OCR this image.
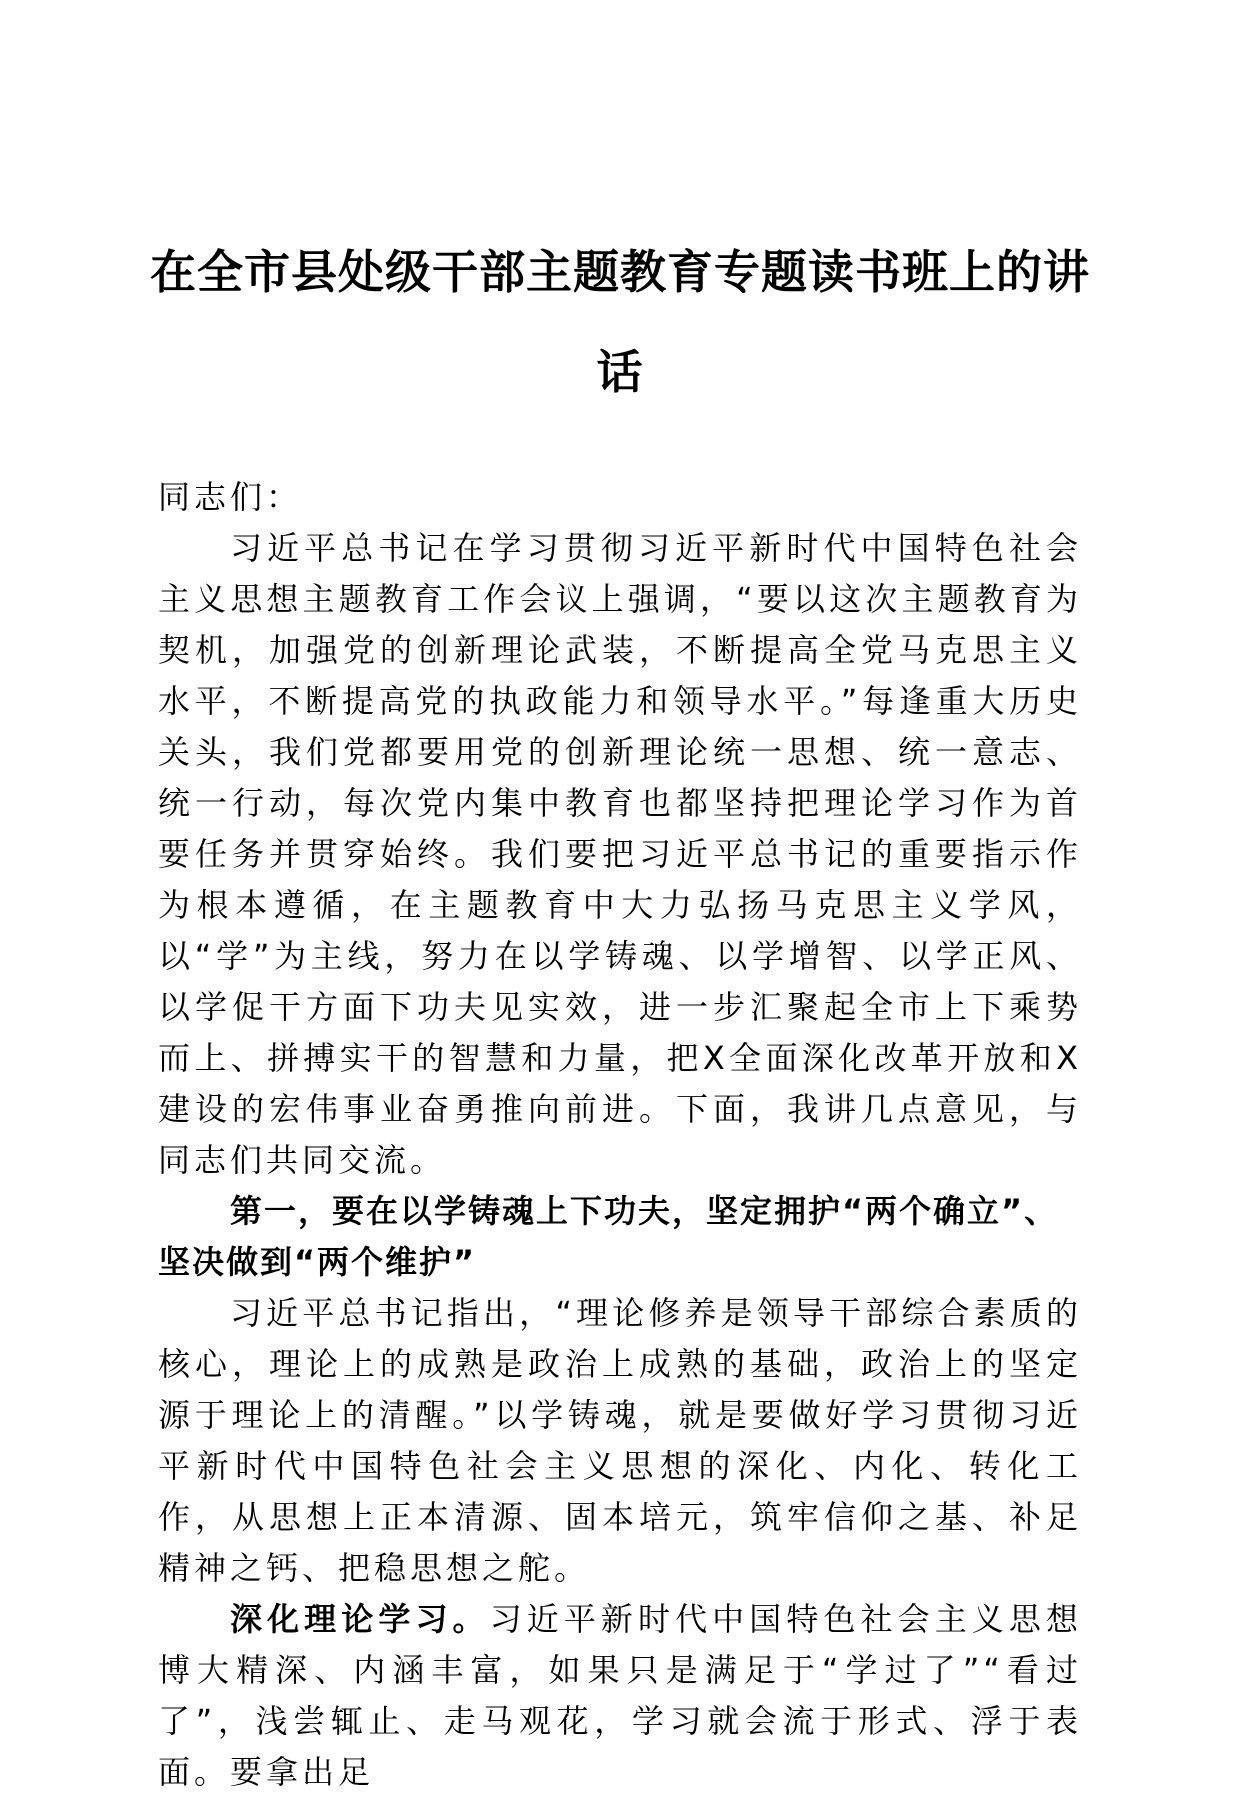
在全市县处级干部主题教育专题读书班上的讲
话

同志们：

习近平总书记在学习贯彻习近平新时代中国特色社会主义思想主题教育工作会议上强调，“要以这次主题教育为契机，加强党的创新理论武装，不断提高全党马克思主义水平，不断提高党的执政能力和领导水平。”每逢重大历史关头，我们党都要用党的创新理论统一思想、统一意志、统一行动，每次党内集中教育也都坚持把理论学习作为首要任务并贯穿始终。我们要把习近平总书记的重要指示作为根本遵循，在主题教育中大力弘扬马克思主义学风，以“学”为主线，努力在以学铸魂、以学增智、以学正风、以学促干方面下功夫见实效，进一步汇聚起全市上下乘势而上、拼搏实干的智慧和力量，把X全面深化改革开放和X建设的宏伟事业奋勇推向前进。下面，我讲几点意见，与同志们共同交流。

第一，要在以学铸魂上下功夫，坚定拥护“两个确立”、坚决做到“两个维护”

习近平总书记指出，“理论修养是领导干部综合素质的核心，理论上的成熟是政治上成熟的基础，政治上的坚定源于理论上的清醒。”以学铸魂，就是要做好学习贯彻习近平新时代中国特色社会主义思想的深化、内化、转化工作，从思想上正本清源、固本培元，筑牢信仰之基、补足精神之钙、把稳思想之舵。

深化理论学习。习近平新时代中国特色社会主义思想博大精深、内涵丰富，如果只是满足于“学过了”“看过了”，浅尝辄止、走马观花，学习就会流于形式、浮于表面。要拿出足
